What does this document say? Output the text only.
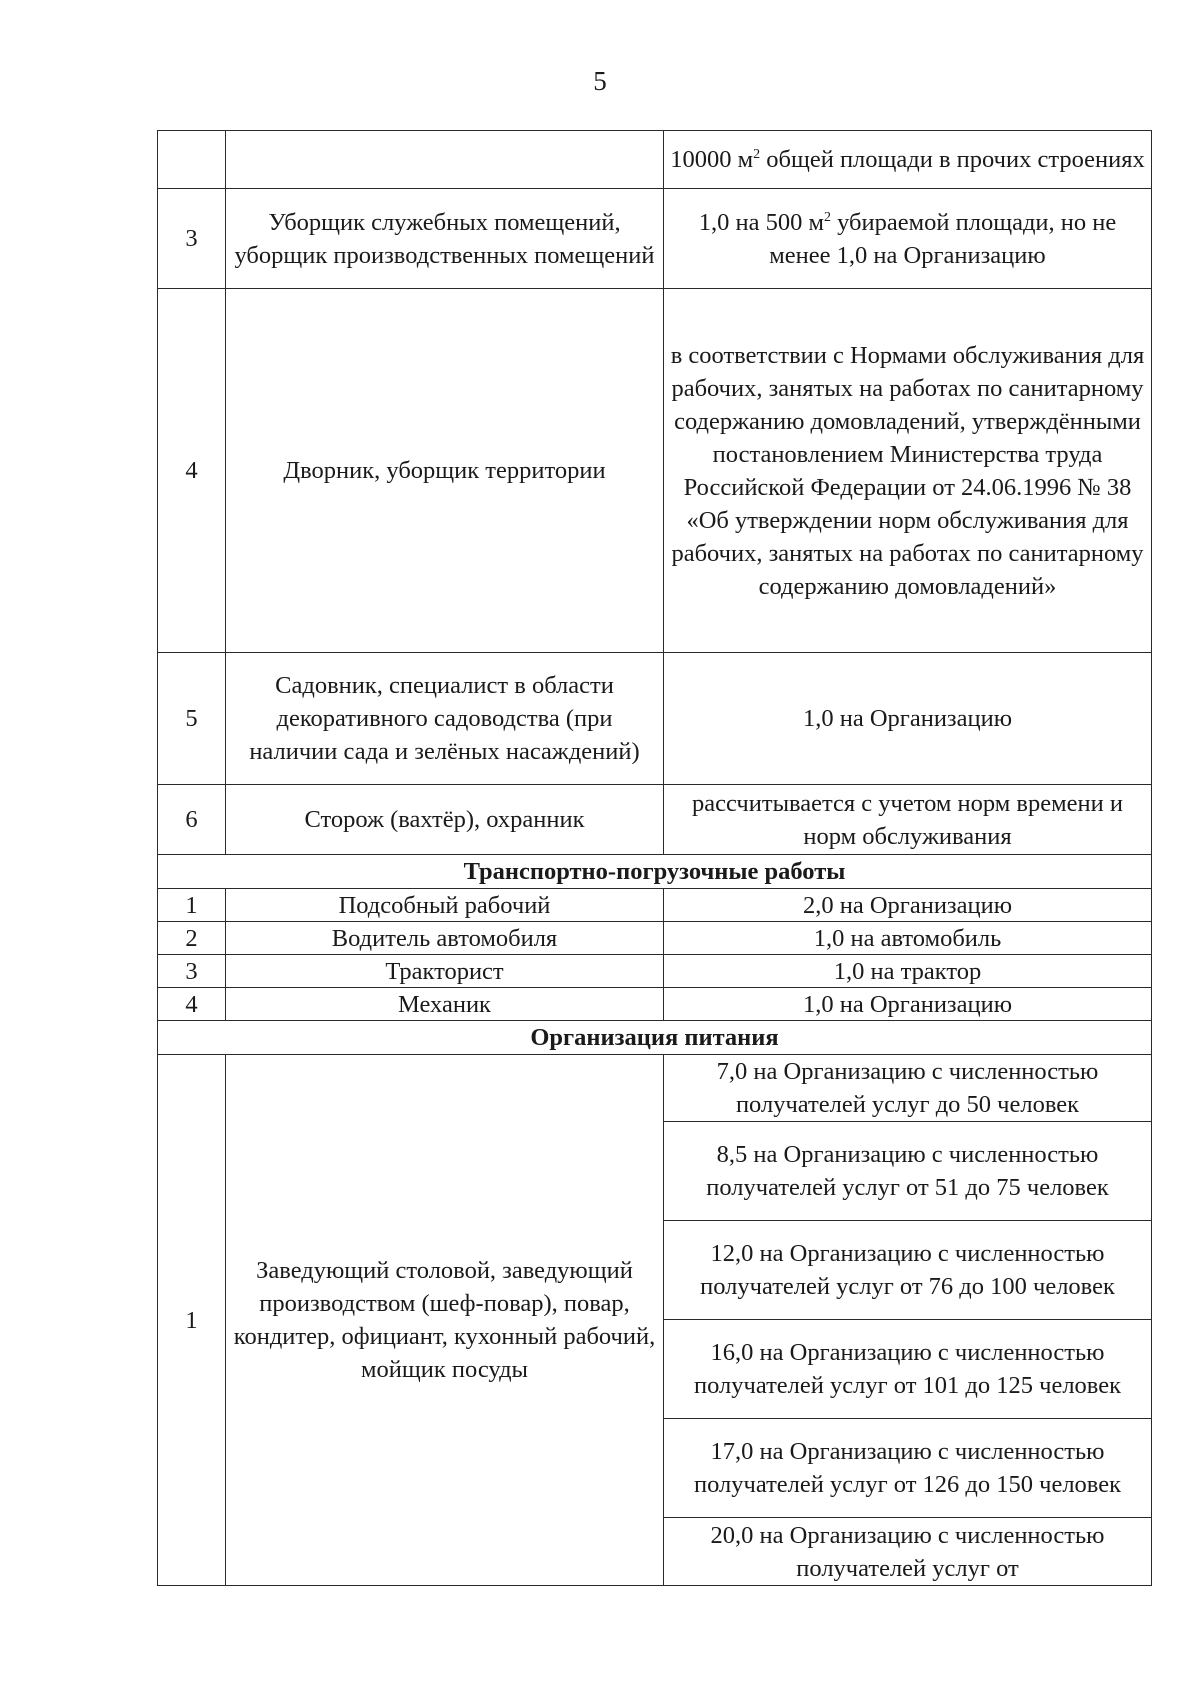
5
		10000 $м^2$ общей площади в прочих строениях
3	Уборщик служебных помещений, уборщик производственных помещений	1,0 на 500 $м^2$ убираемой площади, но не менее 1,0 на Организацию
4	Дворник, уборщик территории	в соответствии с Нормами обслуживания для рабочих, занятых на работах по санитарному содержанию домовладений, утверждёнными постановлением Министерства труда Российской Федерации от 24.06.1996 № 38 «Об утверждении норм обслуживания для рабочих, занятых на работах по санитарному содержанию домовладений»
5	Садовник, специалист в области декоративного садоводства (при наличии сада и зелёных насаждений)	1,0 на Организацию
6	Сторож (вахтёр), охранник	рассчитывается с учетом норм времени и норм обслуживания
Транспортно-погрузочные работы		
1	Подсобный рабочий	2,0 на Организацию
2	Водитель автомобиля	1,0 на автомобиль
3	Тракторист	1,0 на трактор
4	Механик	1,0 на Организацию
Организация питания		
1	Заведующий столовой, заведующий производством (шеф-повар), повар, кондитер, официант, кухонный рабочий, мойщик посуды	7,0 на Организацию с численностью получателей услуг до 50 человек
		8,5 на Организацию с численностью получателей услуг от 51 до 75 человек
		12,0 на Организацию с численностью получателей услуг от 76 до 100 человек
		16,0 на Организацию с численностью получателей услуг от 101 до 125 человек
		17,0 на Организацию с численностью получателей услуг от 126 до 150 человек
		20,0 на Организацию с численностью получателей услуг от
